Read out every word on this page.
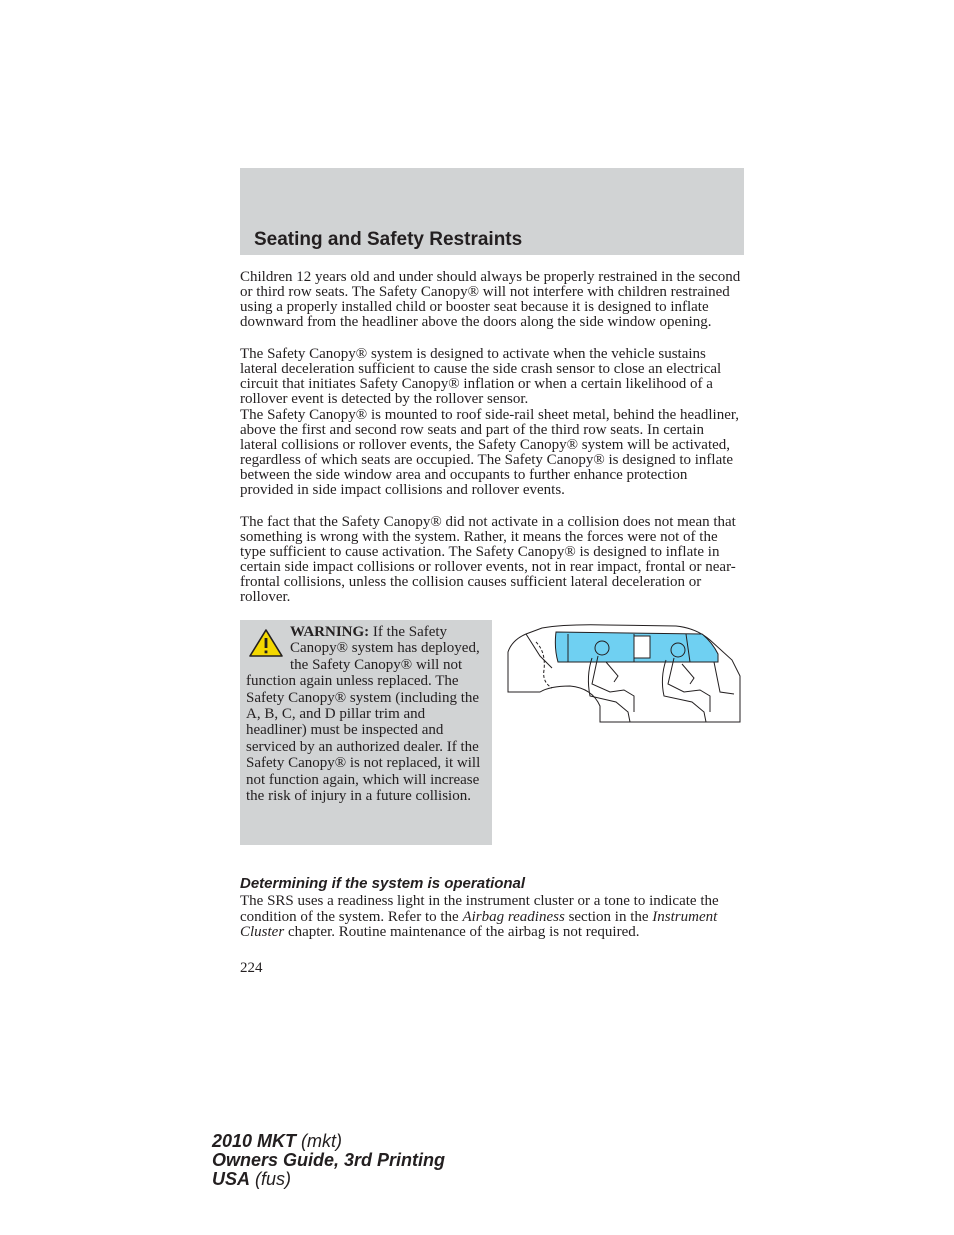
Seating and Safety Restraints

Children 12 years old and under should always be properly restrained in the second or third row seats. The Safety Canopy® will not interfere with children restrained using a properly installed child or booster seat because it is designed to inflate downward from the headliner above the doors along the side window opening.

The Safety Canopy® system is designed to activate when the vehicle sustains lateral deceleration sufficient to cause the side crash sensor to close an electrical circuit that initiates Safety Canopy® inflation or when a certain likelihood of a rollover event is detected by the rollover sensor.

The Safety Canopy® is mounted to roof side-rail sheet metal, behind the headliner, above the first and second row seats and part of the third row seats. In certain lateral collisions or rollover events, the Safety Canopy® system will be activated, regardless of which seats are occupied. The Safety Canopy® is designed to inflate between the side window area and occupants to further enhance protection provided in side impact collisions and rollover events.

The fact that the Safety Canopy® did not activate in a collision does not mean that something is wrong with the system. Rather, it means the forces were not of the type sufficient to cause activation. The Safety Canopy® is designed to inflate in certain side impact collisions or rollover events, not in rear impact, frontal or near-frontal collisions, unless the collision causes sufficient lateral deceleration or rollover.

WARNING: If the Safety Canopy® system has deployed, the Safety Canopy® will not function again unless replaced. The Safety Canopy® system (including the A, B, C, and D pillar trim and headliner) must be inspected and serviced by an authorized dealer. If the Safety Canopy® is not replaced, it will not function again, which will increase the risk of injury in a future collision.

Determining if the system is operational

The SRS uses a readiness light in the instrument cluster or a tone to indicate the condition of the system. Refer to the Airbag readiness section in the Instrument Cluster chapter. Routine maintenance of the airbag is not required.

224
2010 MKT (mkt)
Owners Guide, 3rd Printing
USA (fus)
